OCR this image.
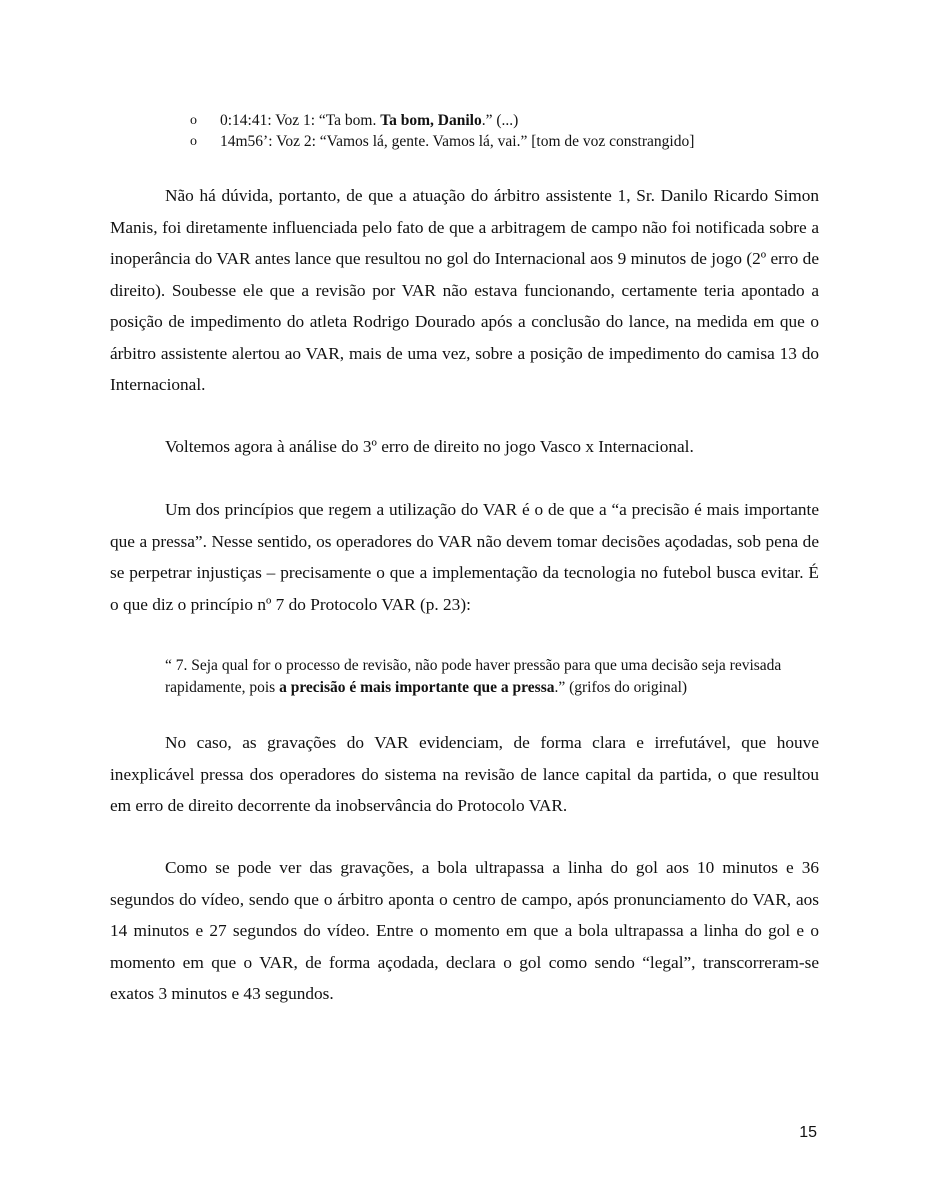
o 0:14:41: Voz 1: “Ta bom. Ta bom, Danilo.” (...)
o 14m56’: Voz 2: “Vamos lá, gente. Vamos lá, vai.” [tom de voz constrangido]

Não há dúvida, portanto, de que a atuação do árbitro assistente 1, Sr. Danilo Ricardo Simon Manis, foi diretamente influenciada pelo fato de que a arbitragem de campo não foi notificada sobre a inoperância do VAR antes lance que resultou no gol do Internacional aos 9 minutos de jogo (2º erro de direito). Soubesse ele que a revisão por VAR não estava funcionando, certamente teria apontado a posição de impedimento do atleta Rodrigo Dourado após a conclusão do lance, na medida em que o árbitro assistente alertou ao VAR, mais de uma vez, sobre a posição de impedimento do camisa 13 do Internacional.

Voltemos agora à análise do 3º erro de direito no jogo Vasco x Internacional.

Um dos princípios que regem a utilização do VAR é o de que a “a precisão é mais importante que a pressa”. Nesse sentido, os operadores do VAR não devem tomar decisões açodadas, sob pena de se perpetrar injustiças – precisamente o que a implementação da tecnologia no futebol busca evitar. É o que diz o princípio nº 7 do Protocolo VAR (p. 23):

“ 7. Seja qual for o processo de revisão, não pode haver pressão para que uma decisão seja revisada rapidamente, pois a precisão é mais importante que a pressa.” (grifos do original)

No caso, as gravações do VAR evidenciam, de forma clara e irrefutável, que houve inexplicável pressa dos operadores do sistema na revisão de lance capital da partida, o que resultou em erro de direito decorrente da inobservância do Protocolo VAR.

Como se pode ver das gravações, a bola ultrapassa a linha do gol aos 10 minutos e 36 segundos do vídeo, sendo que o árbitro aponta o centro de campo, após pronunciamento do VAR, aos 14 minutos e 27 segundos do vídeo. Entre o momento em que a bola ultrapassa a linha do gol e o momento em que o VAR, de forma açodada, declara o gol como sendo “legal”, transcorreram-se exatos 3 minutos e 43 segundos.

15
